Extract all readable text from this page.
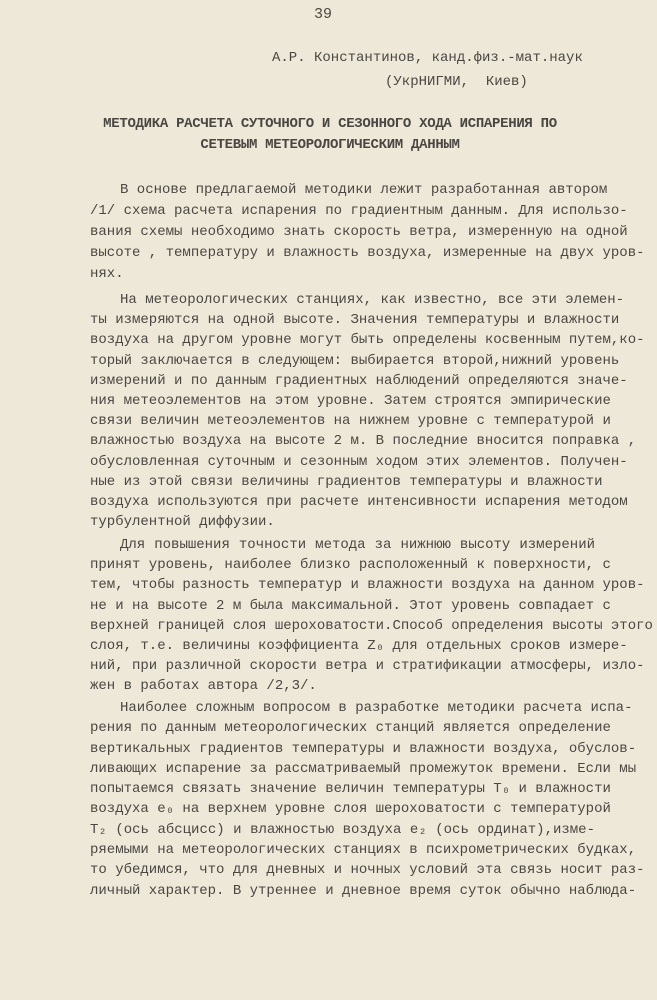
39
А.Р. Константинов, канд.физ.-мат.наук
(УкрНИГМИ,  Киев)
МЕТОДИКА РАСЧЕТА СУТОЧНОГО И СЕЗОННОГО ХОДА ИСПАРЕНИЯ ПО
СЕТЕВЫМ МЕТЕОРОЛОГИЧЕСКИМ ДАННЫМ
В основе предлагаемой методики лежит разработанная автором
/1/ схема расчета испарения по градиентным данным. Для использо-
вания схемы необходимо знать скорость ветра, измеренную на одной
высоте , температуру и влажность воздуха, измеренные на двух уров-
нях.
На метеорологических станциях, как известно, все эти элемен-
ты измеряются на одной высоте. Значения температуры и влажности
воздуха на другом уровне могут быть определены косвенным путем,ко-
торый заключается в следующем: выбирается второй,нижний уровень
измерений и по данным градиентных наблюдений определяются значе-
ния метеоэлементов на этом уровне. Затем строятся эмпирические
связи величин метеоэлементов на нижнем уровне с температурой и
влажностью воздуха на высоте 2 м. В последние вносится поправка ,
обусловленная суточным и сезонным ходом этих элементов. Получен-
ные из этой связи величины градиентов температуры и влажности
воздуха используются при расчете интенсивности испарения методом
турбулентной диффузии.
Для повышения точности метода за нижнюю высоту измерений
принят уровень, наиболее близко расположенный к поверхности, с
тем, чтобы разность температур и влажности воздуха на данном уров-
не и на высоте 2 м была максимальной. Этот уровень совпадает с
верхней границей слоя шероховатости.Способ определения высоты этого
слоя, т.е. величины коэффициента Z₀ для отдельных сроков измере-
ний, при различной скорости ветра и стратификации атмосферы, изло-
жен в работах автора /2,3/.
Наиболее сложным вопросом в разработке методики расчета испа-
рения по данным метеорологических станций является определение
вертикальных градиентов температуры и влажности воздуха, обуслов-
ливающих испарение за рассматриваемый промежуток времени. Если мы
попытаемся связать значение величин температуры T₀ и влажности
воздуха e₀ на верхнем уровне слоя шероховатости с температурой
T₂ (ось абсцисс) и влажностью воздуха e₂ (ось ординат),изме-
ряемыми на метеорологических станциях в психрометрических будках,
то убедимся, что для дневных и ночных условий эта связь носит раз-
личный характер. В утреннее и дневное время суток обычно наблюда-
